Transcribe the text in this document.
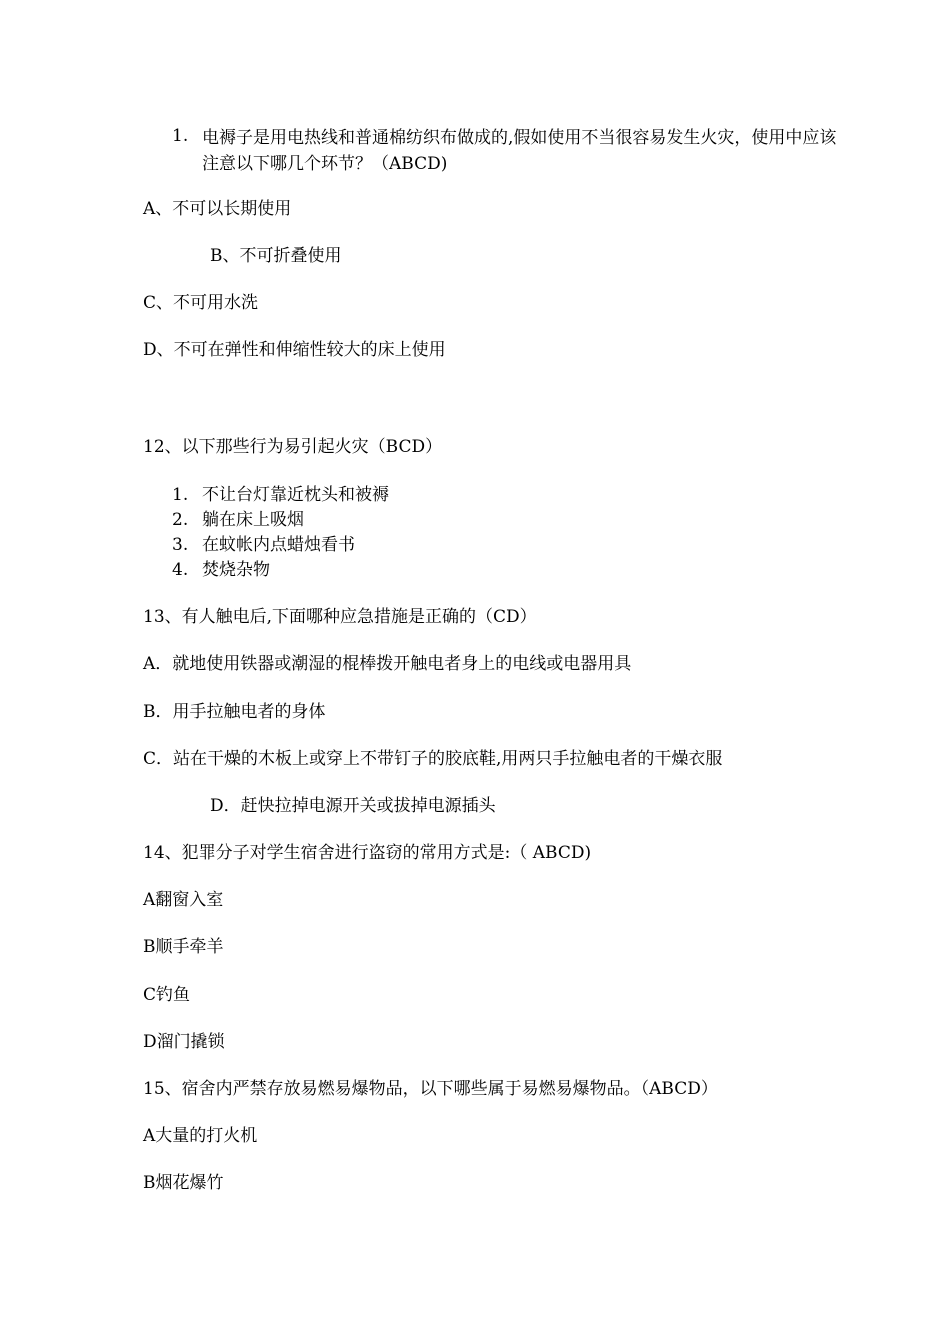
1. 电褥子是用电热线和普通棉纺织布做成的,假如使用不当很容易发生火灾，使用中应该注意以下哪几个环节？（ABCD)
A、不可以长期使用
B、不可折叠使用
C、不可用水洗
D、不可在弹性和伸缩性较大的床上使用
12、以下那些行为易引起火灾（BCD）
1. 不让台灯靠近枕头和被褥
2. 躺在床上吸烟
3. 在蚊帐内点蜡烛看书
4. 焚烧杂物
13、有人触电后,下面哪种应急措施是正确的（CD）
A．就地使用铁器或潮湿的棍棒拨开触电者身上的电线或电器用具
B．用手拉触电者的身体
C．站在干燥的木板上或穿上不带钉子的胶底鞋,用两只手拉触电者的干燥衣服
D．赶快拉掉电源开关或拔掉电源插头
14、犯罪分子对学生宿舍进行盗窃的常用方式是:（ ABCD)
A翻窗入室
B顺手牵羊
C钓鱼
D溜门撬锁
15、宿舍内严禁存放易燃易爆物品，以下哪些属于易燃易爆物品。（ABCD）
A大量的打火机
B烟花爆竹
